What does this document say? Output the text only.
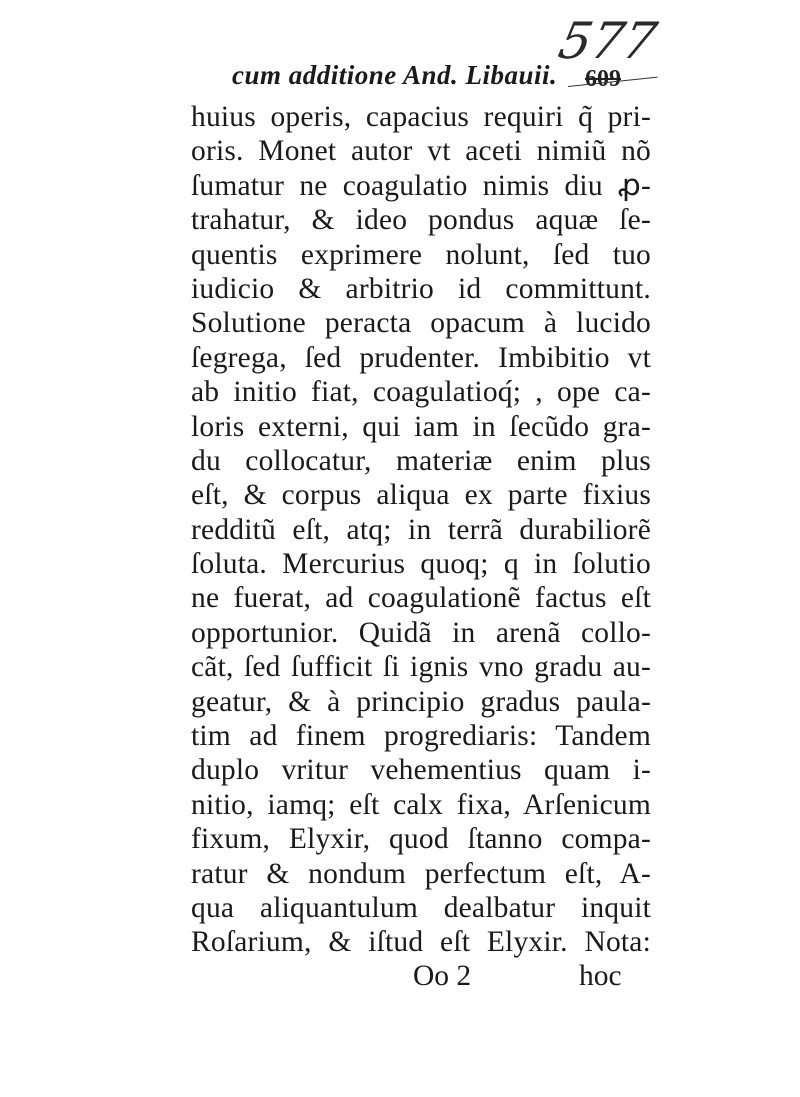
577
cum additione And. Libauii. 609
huius operis, capacius requiri q̃ pri-
oris. Monet autor vt aceti nimiũ nõ
ſumatur ne coagulatio nimis diu ꝓ-
trahatur, & ideo pondus aquæ ſe-
quentis exprimere nolunt, ſed tuo
iudicio & arbitrio id committunt.
Solutione peracta opacum à lucido
ſegrega, ſed prudenter. Imbibitio vt
ab initio fiat, coagulatioq́; , ope ca-
loris externi, qui iam in ſecũdo gra-
du collocatur, materiæ enim plus
eſt, & corpus aliqua ex parte fixius
redditũ eſt, atq; in terrã durabiliorẽ
ſoluta. Mercurius quoq; q in ſolutio
ne fuerat, ad coagulationẽ factus eſt
opportunior. Quidã in arenã collo-
cãt, ſed ſufficit ſi ignis vno gradu au-
geatur, & à principio gradus paula-
tim ad finem progrediaris: Tandem
duplo vritur vehementius quam i-
nitio, iamq; eſt calx fixa, Arſenicum
fixum, Elyxir, quod ſtanno compa-
ratur & nondum perfectum eſt, A-
qua aliquantulum dealbatur inquit
Roſarium, & iſtud eſt Elyxir. Nota:
Oo 2	hoc
